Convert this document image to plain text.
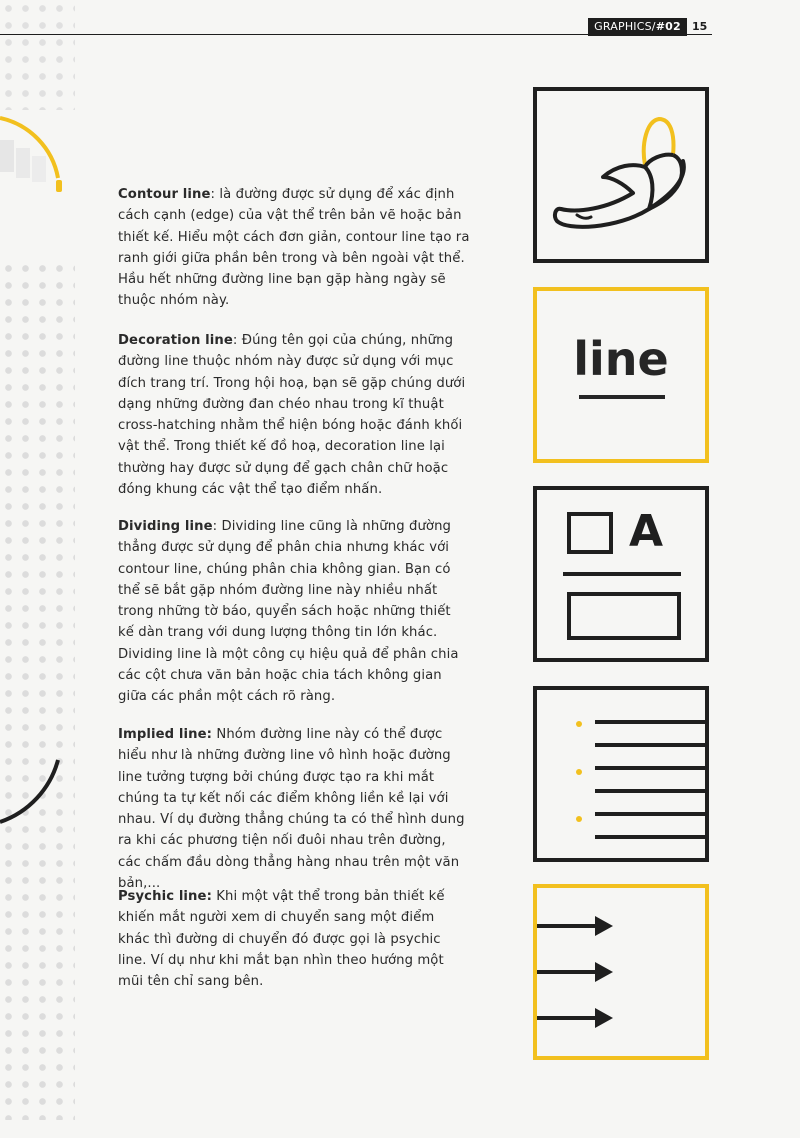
GRAPHICS/#02	15

Contour line: là đường được sử dụng để xác định cách cạnh (edge) của vật thể trên bản vẽ hoặc bản thiết kế. Hiểu một cách đơn giản, contour line tạo ra ranh giới giữa phần bên trong và bên ngoài vật thể. Hầu hết những đường line bạn gặp hàng ngày sẽ thuộc nhóm này.

Decoration line: Đúng tên gọi của chúng, những đường line thuộc nhóm này được sử dụng với mục đích trang trí. Trong hội hoạ, bạn sẽ gặp chúng dưới dạng những đường đan chéo nhau trong kĩ thuật cross-hatching nhằm thể hiện bóng hoặc đánh khối vật thể. Trong thiết kế đồ hoạ, decoration line lại thường hay được sử dụng để gạch chân chữ hoặc đóng khung các vật thể tạo điểm nhấn.

Dividing line: Dividing line cũng là những đường thẳng được sử dụng để phân chia nhưng khác với contour line, chúng phân chia không gian. Bạn có thể sẽ bắt gặp nhóm đường line này nhiều nhất trong những tờ báo, quyển sách hoặc những thiết kế dàn trang với dung lượng thông tin lớn khác. Dividing line là một công cụ hiệu quả để phân chia các cột chưa văn bản hoặc chia tách không gian giữa các phần một cách rõ ràng.

Implied line: Nhóm đường line này có thể được hiểu như là những đường line vô hình hoặc đường line tưởng tượng bởi chúng được tạo ra khi mắt chúng ta tự kết nối các điểm không liền kề lại với nhau. Ví dụ đường thẳng chúng ta có thể hình dung ra khi các phương tiện nối đuôi nhau trên đường, các chấm đầu dòng thẳng hàng nhau trên một văn bản,...

Psychic line: Khi một vật thể trong bản thiết kế khiến mắt người xem di chuyển sang một điểm khác thì đường di chuyển đó được gọi là psychic line. Ví dụ như khi mắt bạn nhìn theo hướng một mũi tên chỉ sang bên.

line
A
